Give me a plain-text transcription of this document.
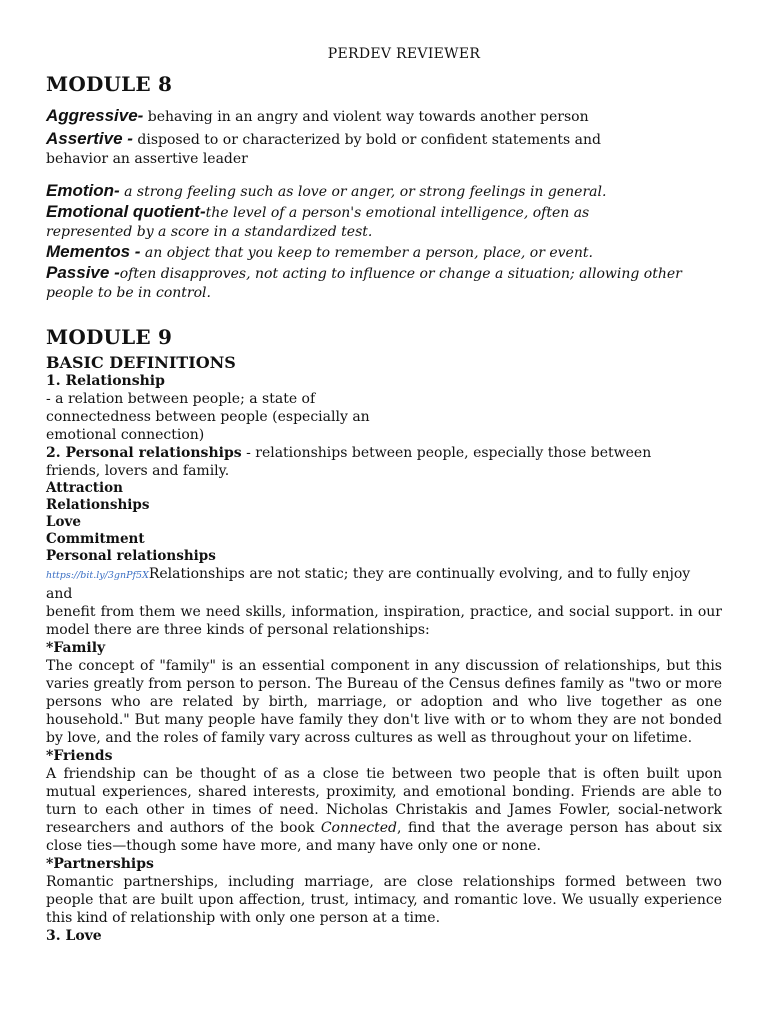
PERDEV REVIEWER
MODULE 8
Aggressive- behaving in an angry and violent way towards another person
Assertive - disposed to or characterized by bold or confident statements and
behavior an assertive leader
Emotion- a strong feeling such as love or anger, or strong feelings in general.
Emotional quotient-the level of a person's emotional intelligence, often as
represented by a score in a standardized test.
Mementos - an object that you keep to remember a person, place, or event.
Passive -often disapproves, not acting to influence or change a situation; allowing other
people to be in control.
MODULE 9
BASIC DEFINITIONS
1. Relationship
- a relation between people; a state of
connectedness between people (especially an
emotional connection)
2. Personal relationships - relationships between people, especially those between
friends, lovers and family.
Attraction
Relationships
Love
Commitment
Personal relationships
https://bit.ly/3gnPf5XRelationships are not static; they are continually evolving, and to fully enjoy
and
benefit from them we need skills, information, inspiration, practice, and social support. in our model there are three kinds of personal relationships:
*Family
The concept of "family" is an essential component in any discussion of relationships, but this varies greatly from person to person. The Bureau of the Census defines family as "two or more persons who are related by birth, marriage, or adoption and who live together as one household." But many people have family they don't live with or to whom they are not bonded by love, and the roles of family vary across cultures as well as throughout your on lifetime.
*Friends
A friendship can be thought of as a close tie between two people that is often built upon mutual experiences, shared interests, proximity, and emotional bonding. Friends are able to turn to each other in times of need. Nicholas Christakis and James Fowler, social-network researchers and authors of the book Connected, find that the average person has about six close ties—though some have more, and many have only one or none.
*Partnerships
Romantic partnerships, including marriage, are close relationships formed between two people that are built upon affection, trust, intimacy, and romantic love. We usually experience this kind of relationship with only one person at a time.
3. Love
